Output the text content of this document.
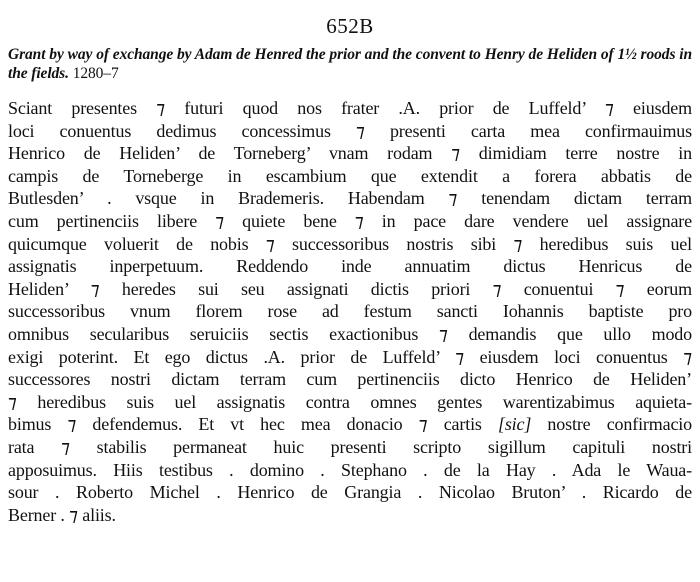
652B
Grant by way of exchange by Adam de Henred the prior and the convent to Henry de Heliden of 1½ roods in the fields. 1280–7
Sciant presentes ⁊ futuri quod nos frater .A. prior de Luffeld’ ⁊ eiusdem
loci conuentus dedimus concessimus ⁊ presenti carta mea confirmauimus
Henrico de Heliden’ de Torneberg’ vnam rodam ⁊ dimidiam terre nostre in
campis de Torneberge in escambium que extendit a forera abbatis de
Butlesden’ . vsque in Brademeris. Habendam ⁊ tenendam dictam terram
cum pertinenciis libere ⁊ quiete bene ⁊ in pace dare vendere uel assignare
quicumque voluerit de nobis ⁊ successoribus nostris sibi ⁊ heredibus suis uel
assignatis inperpetuum. Reddendo inde annuatim dictus Henricus de
Heliden’ ⁊ heredes sui seu assignati dictis priori ⁊ conuentui ⁊ eorum
successoribus vnum florem rose ad festum sancti Iohannis baptiste pro
omnibus secularibus seruiciis sectis exactionibus ⁊ demandis que ullo modo
exigi poterint. Et ego dictus .A. prior de Luffeld’ ⁊ eiusdem loci conuentus ⁊
successores nostri dictam terram cum pertinenciis dicto Henrico de Heliden’
⁊ heredibus suis uel assignatis contra omnes gentes warentizabimus aquieta-
bimus ⁊ defendemus. Et vt hec mea donacio ⁊ cartis [sic] nostre confirmacio
rata ⁊ stabilis permaneat huic presenti scripto sigillum capituli nostri
apposuimus. Hiis testibus . domino . Stephano . de la Hay . Ada le Waua-
sour . Roberto Michel . Henrico de Grangia . Nicolao Bruton’ . Ricardo de
Berner . ⁊ aliis.
